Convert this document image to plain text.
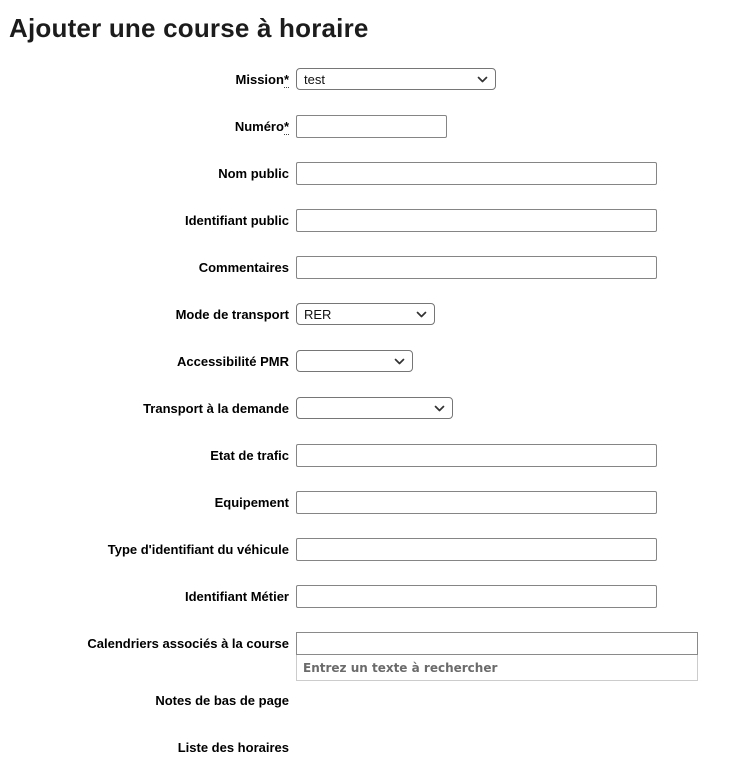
Ajouter une course à horaire
Mission*
test
Numéro*
Nom public
Identifiant public
Commentaires
Mode de transport
RER
Accessibilité PMR
Transport à la demande
Etat de trafic
Equipement
Type d'identifiant du véhicule
Identifiant Métier
Calendriers associés à la course
Entrez un texte à rechercher
Notes de bas de page
Liste des horaires
